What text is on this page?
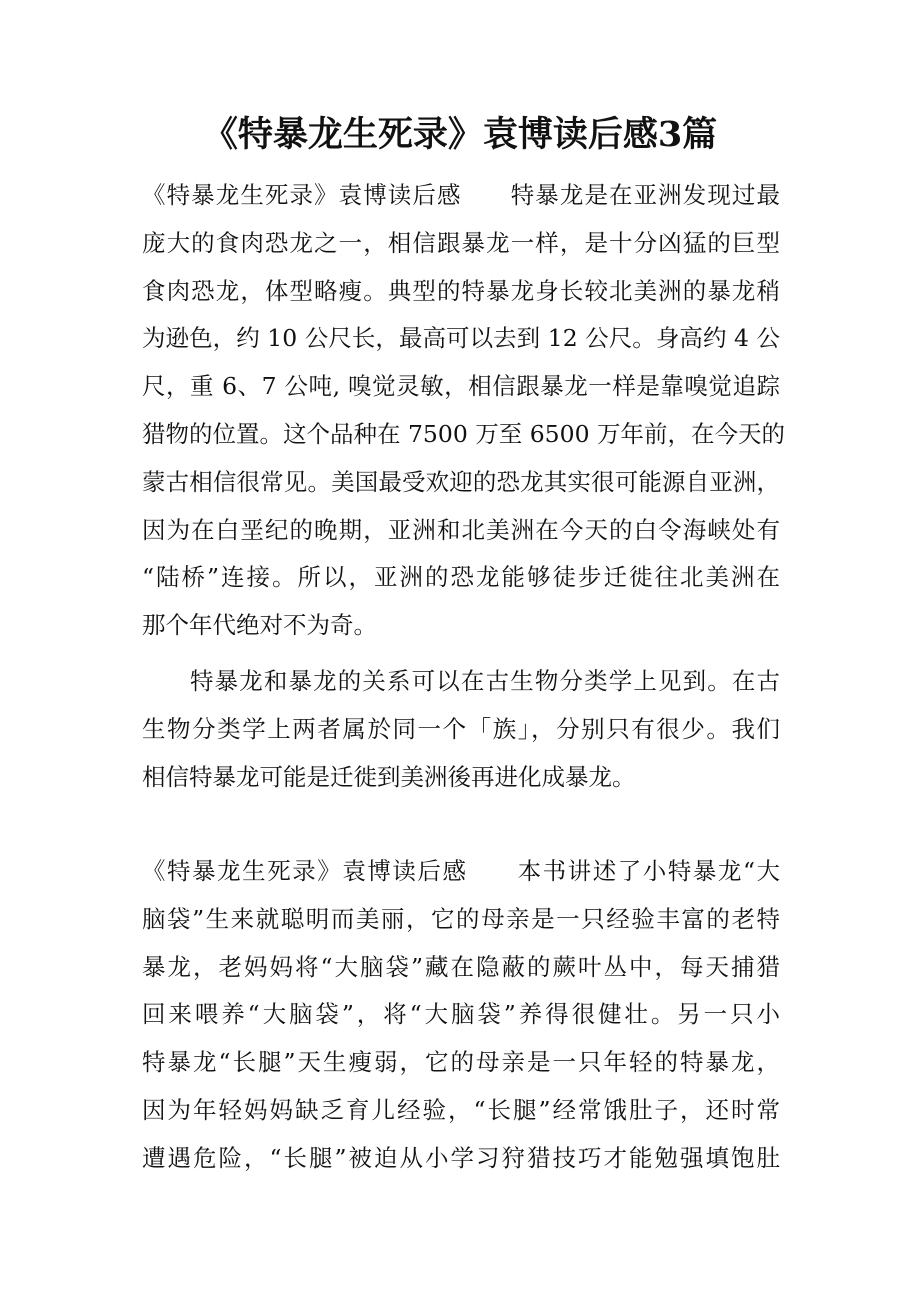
《特暴龙生死录》袁博读后感3篇
《特暴龙生死录》袁博读后感　　特暴龙是在亚洲发现过最
庞大的食肉恐龙之一，相信跟暴龙一样，是十分凶猛的巨型
食肉恐龙，体型略瘦。典型的特暴龙身长较北美洲的暴龙稍
为逊色，约 10 公尺长，最高可以去到 12 公尺。身高约 4 公
尺，重 6、7 公吨, 嗅觉灵敏，相信跟暴龙一样是靠嗅觉追踪
猎物的位置。这个品种在 7500 万至 6500 万年前，在今天的
蒙古相信很常见。美国最受欢迎的恐龙其实很可能源自亚洲，
因为在白垩纪的晚期，亚洲和北美洲在今天的白令海峡处有
“陆桥”连接。所以，亚洲的恐龙能够徒步迁徙往北美洲在
那个年代绝对不为奇。
特暴龙和暴龙的关系可以在古生物分类学上见到。在古
生物分类学上两者属於同一个「族」，分别只有很少。我们
相信特暴龙可能是迁徙到美洲後再进化成暴龙。
《特暴龙生死录》袁博读后感　　本书讲述了小特暴龙“大
脑袋”生来就聪明而美丽，它的母亲是一只经验丰富的老特
暴龙，老妈妈将“大脑袋”藏在隐蔽的蕨叶丛中，每天捕猎
回来喂养“大脑袋”，将“大脑袋”养得很健壮。另一只小
特暴龙“长腿”天生瘦弱，它的母亲是一只年轻的特暴龙，
因为年轻妈妈缺乏育儿经验，“长腿”经常饿肚子，还时常
遭遇危险，“长腿”被迫从小学习狩猎技巧才能勉强填饱肚
